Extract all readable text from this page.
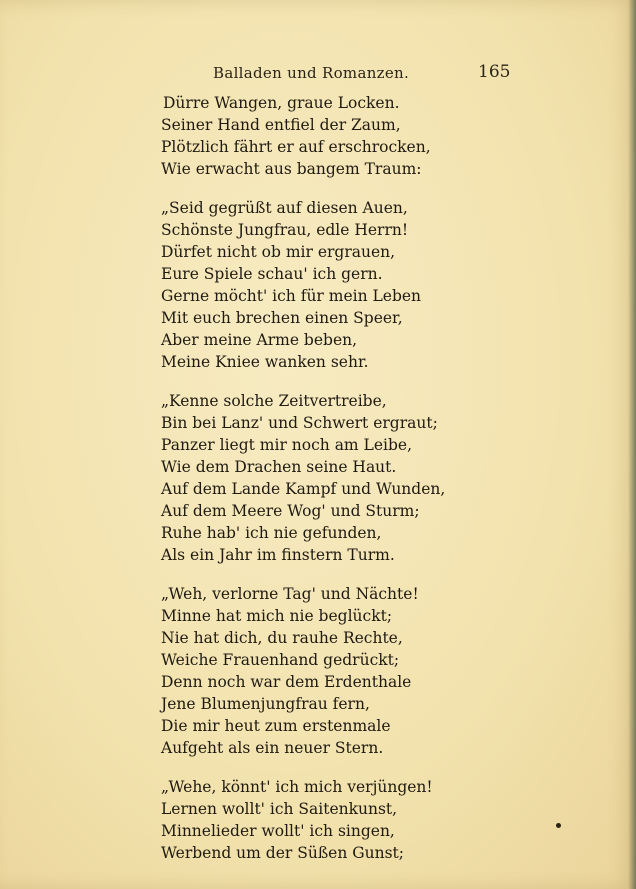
Balladen und Romanzen.	165
Dürre Wangen, graue Locken.
Seiner Hand entfiel der Zaum,
Plötzlich fährt er auf erschrocken,
Wie erwacht aus bangem Traum:
„Seid gegrüßt auf diesen Auen,
Schönste Jungfrau, edle Herrn!
Dürfet nicht ob mir ergrauen,
Eure Spiele schau' ich gern.
Gerne möcht' ich für mein Leben
Mit euch brechen einen Speer,
Aber meine Arme beben,
Meine Kniee wanken sehr.
„Kenne solche Zeitvertreibe,
Bin bei Lanz' und Schwert ergraut;
Panzer liegt mir noch am Leibe,
Wie dem Drachen seine Haut.
Auf dem Lande Kampf und Wunden,
Auf dem Meere Wog' und Sturm;
Ruhe hab' ich nie gefunden,
Als ein Jahr im finstern Turm.
„Weh, verlorne Tag' und Nächte!
Minne hat mich nie beglückt;
Nie hat dich, du rauhe Rechte,
Weiche Frauenhand gedrückt;
Denn noch war dem Erdenthale
Jene Blumenjungfrau fern,
Die mir heut zum erstenmale
Aufgeht als ein neuer Stern.
„Wehe, könnt' ich mich verjüngen!
Lernen wollt' ich Saitenkunst,
Minnelieder wollt' ich singen,
Werbend um der Süßen Gunst;
